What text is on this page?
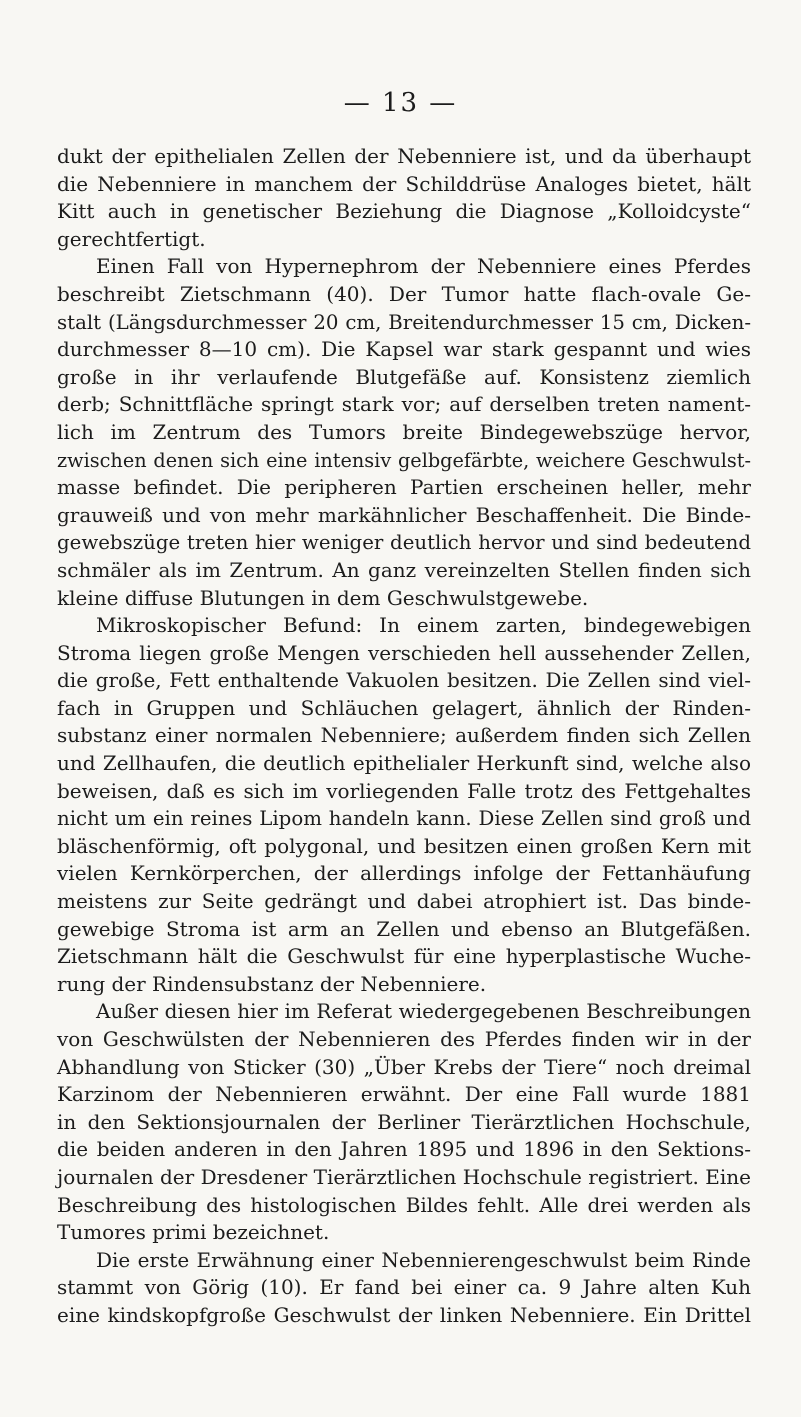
— 13 —
dukt der epithelialen Zellen der Nebenniere ist, und da überhaupt
die Nebenniere in manchem der Schilddrüse Analoges bietet, hält
Kitt auch in genetischer Beziehung die Diagnose „Kolloidcyste“
gerechtfertigt.
Einen Fall von Hypernephrom der Nebenniere eines Pferdes
beschreibt Zietschmann (40). Der Tumor hatte flach-ovale Ge-
stalt (Längsdurchmesser 20 cm, Breitendurchmesser 15 cm, Dicken-
durchmesser 8—10 cm). Die Kapsel war stark gespannt und wies
große in ihr verlaufende Blutgefäße auf. Konsistenz ziemlich
derb; Schnittfläche springt stark vor; auf derselben treten nament-
lich im Zentrum des Tumors breite Bindegewebszüge hervor,
zwischen denen sich eine intensiv gelbgefärbte, weichere Geschwulst-
masse befindet. Die peripheren Partien erscheinen heller, mehr
grauweiß und von mehr markähnlicher Beschaffenheit. Die Binde-
gewebszüge treten hier weniger deutlich hervor und sind bedeutend
schmäler als im Zentrum. An ganz vereinzelten Stellen finden sich
kleine diffuse Blutungen in dem Geschwulstgewebe.
Mikroskopischer Befund: In einem zarten, bindegewebigen
Stroma liegen große Mengen verschieden hell aussehender Zellen,
die große, Fett enthaltende Vakuolen besitzen. Die Zellen sind viel-
fach in Gruppen und Schläuchen gelagert, ähnlich der Rinden-
substanz einer normalen Nebenniere; außerdem finden sich Zellen
und Zellhaufen, die deutlich epithelialer Herkunft sind, welche also
beweisen, daß es sich im vorliegenden Falle trotz des Fettgehaltes
nicht um ein reines Lipom handeln kann. Diese Zellen sind groß und
bläschenförmig, oft polygonal, und besitzen einen großen Kern mit
vielen Kernkörperchen, der allerdings infolge der Fettanhäufung
meistens zur Seite gedrängt und dabei atrophiert ist. Das binde-
gewebige Stroma ist arm an Zellen und ebenso an Blutgefäßen.
Zietschmann hält die Geschwulst für eine hyperplastische Wuche-
rung der Rindensubstanz der Nebenniere.
Außer diesen hier im Referat wiedergegebenen Beschreibungen
von Geschwülsten der Nebennieren des Pferdes finden wir in der
Abhandlung von Sticker (30) „Über Krebs der Tiere“ noch dreimal
Karzinom der Nebennieren erwähnt. Der eine Fall wurde 1881
in den Sektionsjournalen der Berliner Tierärztlichen Hochschule,
die beiden anderen in den Jahren 1895 und 1896 in den Sektions-
journalen der Dresdener Tierärztlichen Hochschule registriert. Eine
Beschreibung des histologischen Bildes fehlt. Alle drei werden als
Tumores primi bezeichnet.
Die erste Erwähnung einer Nebennierengeschwulst beim Rinde
stammt von Görig (10). Er fand bei einer ca. 9 Jahre alten Kuh
eine kindskopfgroße Geschwulst der linken Nebenniere. Ein Drittel
